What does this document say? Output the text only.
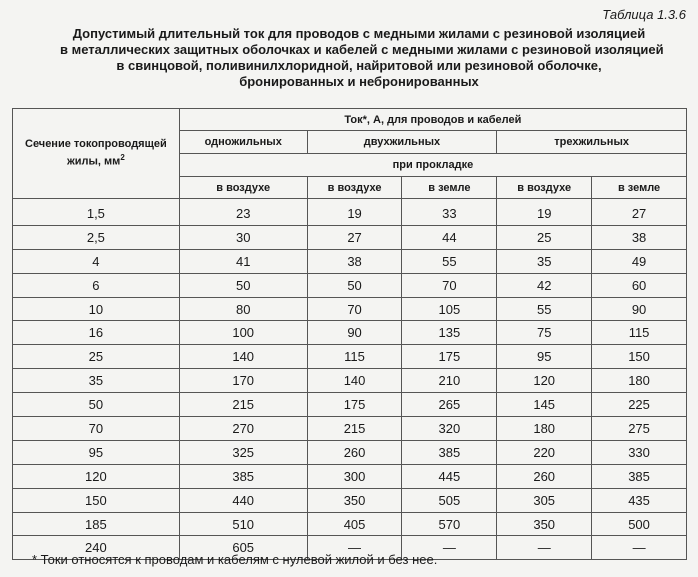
Таблица 1.3.6
Допустимый длительный ток для проводов с медными жилами с резиновой изоляцией
в металлических защитных оболочках и кабелей с медными жилами с резиновой изоляцией
в свинцовой, поливинилхлоридной, найритовой или резиновой оболочке,
бронированных и небронированных
Сечение токопроводящей
жилы, $мм^2$	Ток*, А, для проводов и кабелей				
	одножильных	двухжильных		трехжильных	
	при прокладке				
	в воздухе	в воздухе	в земле	в воздухе	в земле
1,5	23	19	33	19	27
2,5	30	27	44	25	38
4	41	38	55	35	49
6	50	50	70	42	60
10	80	70	105	55	90
16	100	90	135	75	115
25	140	115	175	95	150
35	170	140	210	120	180
50	215	175	265	145	225
70	270	215	320	180	275
95	325	260	385	220	330
120	385	300	445	260	385
150	440	350	505	305	435
185	510	405	570	350	500
240	605	—	—	—	—
* Токи относятся к проводам и кабелям с нулевой жилой и без нее.
